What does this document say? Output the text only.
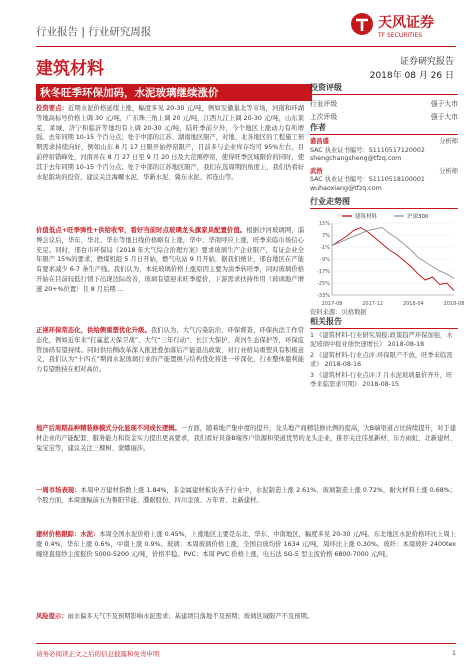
行业报告 | 行业研究周报
天风证券
TF SECURITIES
建筑材料	证券研究报告
2018年 08 月 26 日
秋冬旺季环保加码，水泥玻璃继续涨价
投资要点：近期水泥价格延续上涨，幅度多见 20-30 元/吨，例如安徽巢北等市场，河南和环湖等地高标号价格上调 30 元/吨，广东珠三角上调 20 元/吨，江西九江上调 20-30 元/吨，山东莱芜、莱城、济宁和临沂等地均有上调 20-30 元/吨，陆旺季前夕外，今个地区上涨动力有所增强。去年同期 10-15 个百分点；处于中部的江苏、湖南地区限产，对地、北各地区的工程施工预期需求持续向好，例如山东 8 月 17 日限开始停窑限产，目前多与企业库存均可 95%左右，目前停窑错峰处，河南并在 8 月 27 日至 9 月 20 日及大范围停窑，使得旺季区域限价的同时，使其于去年同期 10-15 个百分点；处于中部的江苏地区限产，我们在选周期的角度上，我们仍看好水泥版块的投资，建议关注海螺水泥、华新水泥、冀东水泥、祁连山等。
价值低点+旺季弹性+供给收窄，看好当前时点玻璃龙头旗家具配置价值。根据沙河玻璃网，淄博会议后，华东、华北、华东等地日线价格略有上涨，华中、华南呼应上涨，旺季来临市场信心充足。同时，邢台市环保局《2018 年大气综合治理方案》要求玻璃生产企业限产，有证企业全年限产 15%的要求，燃煤机组 5 月日开始，燃气电站 9 月开始，据我们统计，邢台地区在产能有要求减少 6-7 条生产线。我们认为，本轮玻璃价格上涨原因主要为淡季转旺季，同时玻璃价格开始在目前较低行情下出现边际改善，玻璃有望迎来旺季提价，下游需求扶持作用（玻璃地产增速 20+%位置）且 8 月后期 ...
正视环保常态化，供给侧重塑优化升级。我们认为，大气污染防治、环保督查、环保执法工作常态化，例如近年来“打赢蓝天保卫战”、大气“三年行动”、长江大保护、黄河生态保护等，环保监管加码有望持续。同时供给侧改革深入推进叠加落后产能退出政策，对行业格局重塑具有积极意义，我们认为“十四五”期间水泥玻璃行业的产能置换与结构优化将进一步深化，行业整体盈利能力有望维持在相对高位。
地产后周期品种精装修模式分化显现不同成长逻辑。一方面，随着地产集中度的提升，龙头地产商精装修比例的提高，大B端渠道占比持续提升，对于建材企业的产能配套、服务能力和资金实力提出更高要求，我们看好具备B端客户资源和渠道优势的龙头企业，推荐关注伟星新材、东方雨虹、北新建材、兔宝宝等，建议关注三棵树、蒙娜丽莎。
一周市场表现：本周申万建材指数上涨 1.84%，非金属建材板块各子行业中，水泥制造上涨 2.61%，玻璃制造上涨 0.72%，耐火材料上涨 0.68%；个股方面，本周涨幅前五为鲁阳节能、濮耐股份、四川金顶、万年青、北新建材。
建材价格跟踪：水泥：本周全国水泥价格上涨 0.45%，上涨地区主要是东北、华东、中南地区，幅度多见 20-30 元/吨。东北地区水泥价格环比上周上涨 0.4%，华东上涨 0.6%，中南上涨 0.9%。玻璃：本周玻璃价格上涨，全国白玻均价 1634 元/吨，周环比上涨 0.30%。玻纤：本周玻纤 2400tex 缠绕直接纱主流报价 5000-5200 元/吨，价格平稳。PVC：本周 PVC 价格上涨，电石法 SG-5 型主流价格 6800-7000 元/吨。
风险提示：雨水偏多天气不及预期影响水泥需求；基建项目落地不及预期；玻璃区域限产不及预期。
投资评级
行业评级	强于大市
上次评级	强于大市
作者
盛昌盛	分析师
SAC 执业证书编号：S1110517120002
shengchangsheng@tfzq.com
武浩	分析师
SAC 执业证书编号：S1110518100001
wuhaoxiang@tfzq.com
行业走势图
15%
7%
-1%
-9%
-17%
-25%
-33%
2017-08	2017-12	2018-04	2018-08
建筑材料	沪深300
资料来源：贝格数据
相关报告
1 《建筑材料-行业研究周报:政策趋严环保加强，水泥玻璃中报业绩快速增长》 2018-08-18
2 《建筑材料-行业点评:环保限产不放，旺季来临需求》 2018-08-16
3 《建筑材料-行业点评:7 月水泥玻璃量价齐升，旺季来临需求可期》 2018-08-15
请务必阅读正文之后的信息披露和免责申明	1
